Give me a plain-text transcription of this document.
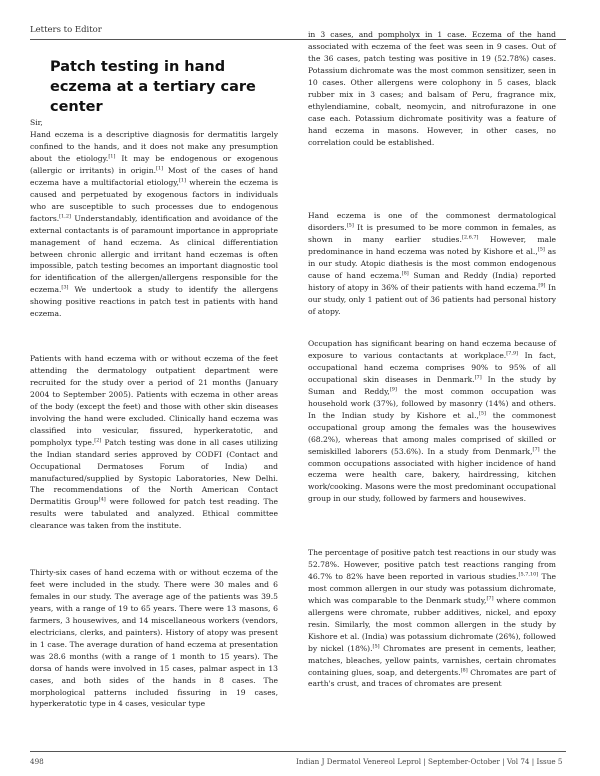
Letters to Editor
Patch testing in hand eczema at a tertiary care center
Sir,

Hand eczema is a descriptive diagnosis for dermatitis largely confined to the hands, and it does not make any presumption about the etiology.[1] It may be endogenous or exogenous (allergic or irritants) in origin.[1] Most of the cases of hand eczema have a multifactorial etiology,[1] wherein the eczema is caused and perpetuated by exogenous factors in individuals who are susceptible to such processes due to endogenous factors.[1,2] Understandably, identification and avoidance of the external contactants is of paramount importance in appropriate management of hand eczema. As clinical differentiation between chronic allergic and irritant hand eczemas is often impossible, patch testing becomes an important diagnostic tool for identification of the allergen/allergens responsible for the eczema.[3] We undertook a study to identify the allergens showing positive reactions in patch test in patients with hand eczema.

Patients with hand eczema with or without eczema of the feet attending the dermatology outpatient department were recruited for the study over a period of 21 months (January 2004 to September 2005). Patients with eczema in other areas of the body (except the feet) and those with other skin diseases involving the hand were excluded. Clinically hand eczema was classified into vesicular, fissured, hyperkeratotic, and pompholyx type.[2] Patch testing was done in all cases utilizing the Indian standard series approved by CODFI (Contact and Occupational Dermatoses Forum of India) and manufactured/supplied by Systopic Laboratories, New Delhi. The recommendations of the North American Contact Dermatitis Group[4] were followed for patch test reading. The results were tabulated and analyzed. Ethical committee clearance was taken from the institute.

Thirty-six cases of hand eczema with or without eczema of the feet were included in the study. There were 30 males and 6 females in our study. The average age of the patients was 39.5 years, with a range of 19 to 65 years. There were 13 masons, 6 farmers, 3 housewives, and 14 miscellaneous workers (vendors, electricians, clerks, and painters). History of atopy was present in 1 case. The average duration of hand eczema at presentation was 28.6 months (with a range of 1 month to 15 years). The dorsa of hands were involved in 15 cases, palmar aspect in 13 cases, and both sides of the hands in 8 cases. The morphological patterns included fissuring in 19 cases, hyperkeratotic type in 4 cases, vesicular type

in 3 cases, and pompholyx in 1 case. Eczema of the hand associated with eczema of the feet was seen in 9 cases. Out of the 36 cases, patch testing was positive in 19 (52.78%) cases. Potassium dichromate was the most common sensitizer, seen in 10 cases. Other allergens were colophony in 5 cases, black rubber mix in 3 cases; and balsam of Peru, fragrance mix, ethylendiamine, cobalt, neomycin, and nitrofurazone in one case each. Potassium dichromate positivity was a feature of hand eczema in masons. However, in other cases, no correlation could be established.

Hand eczema is one of the commonest dermatological disorders.[5] It is presumed to be more common in females, as shown in many earlier studies.[2,6,7] However, male predominance in hand eczema was noted by Kishore et al.,[5] as in our study. Atopic diathesis is the most common endogenous cause of hand eczema.[8] Suman and Reddy (India) reported history of atopy in 36% of their patients with hand eczema.[9] In our study, only 1 patient out of 36 patients had personal history of atopy.

Occupation has significant bearing on hand eczema because of exposure to various contactants at workplace.[7,9] In fact, occupational hand eczema comprises 90% to 95% of all occupational skin diseases in Denmark.[7] In the study by Suman and Reddy,[9] the most common occupation was household work (37%), followed by masonry (14%) and others. In the Indian study by Kishore et al.,[5] the commonest occupational group among the females was the housewives (68.2%), whereas that among males comprised of skilled or semiskilled laborers (53.6%). In a study from Denmark,[7] the common occupations associated with higher incidence of hand eczema were health care, bakery, hairdressing, kitchen work/cooking. Masons were the most predominant occupational group in our study, followed by farmers and housewives.

The percentage of positive patch test reactions in our study was 52.78%. However, positive patch test reactions ranging from 46.7% to 82% have been reported in various studies.[5,7,10] The most common allergen in our study was potassium dichromate, which was comparable to the Denmark study,[7] where common allergens were chromate, rubber additives, nickel, and epoxy resin. Similarly, the most common allergen in the study by Kishore et al. (India) was potassium dichromate (26%), followed by nickel (18%).[5] Chromates are present in cements, leather, matches, bleaches, yellow paints, varnishes, certain chromates containing glues, soap, and detergents.[8] Chromates are part of earth's crust, and traces of chromates are present

498	Indian J Dermatol Venereol Leprol | September-October | Vol 74 | Issue 5
